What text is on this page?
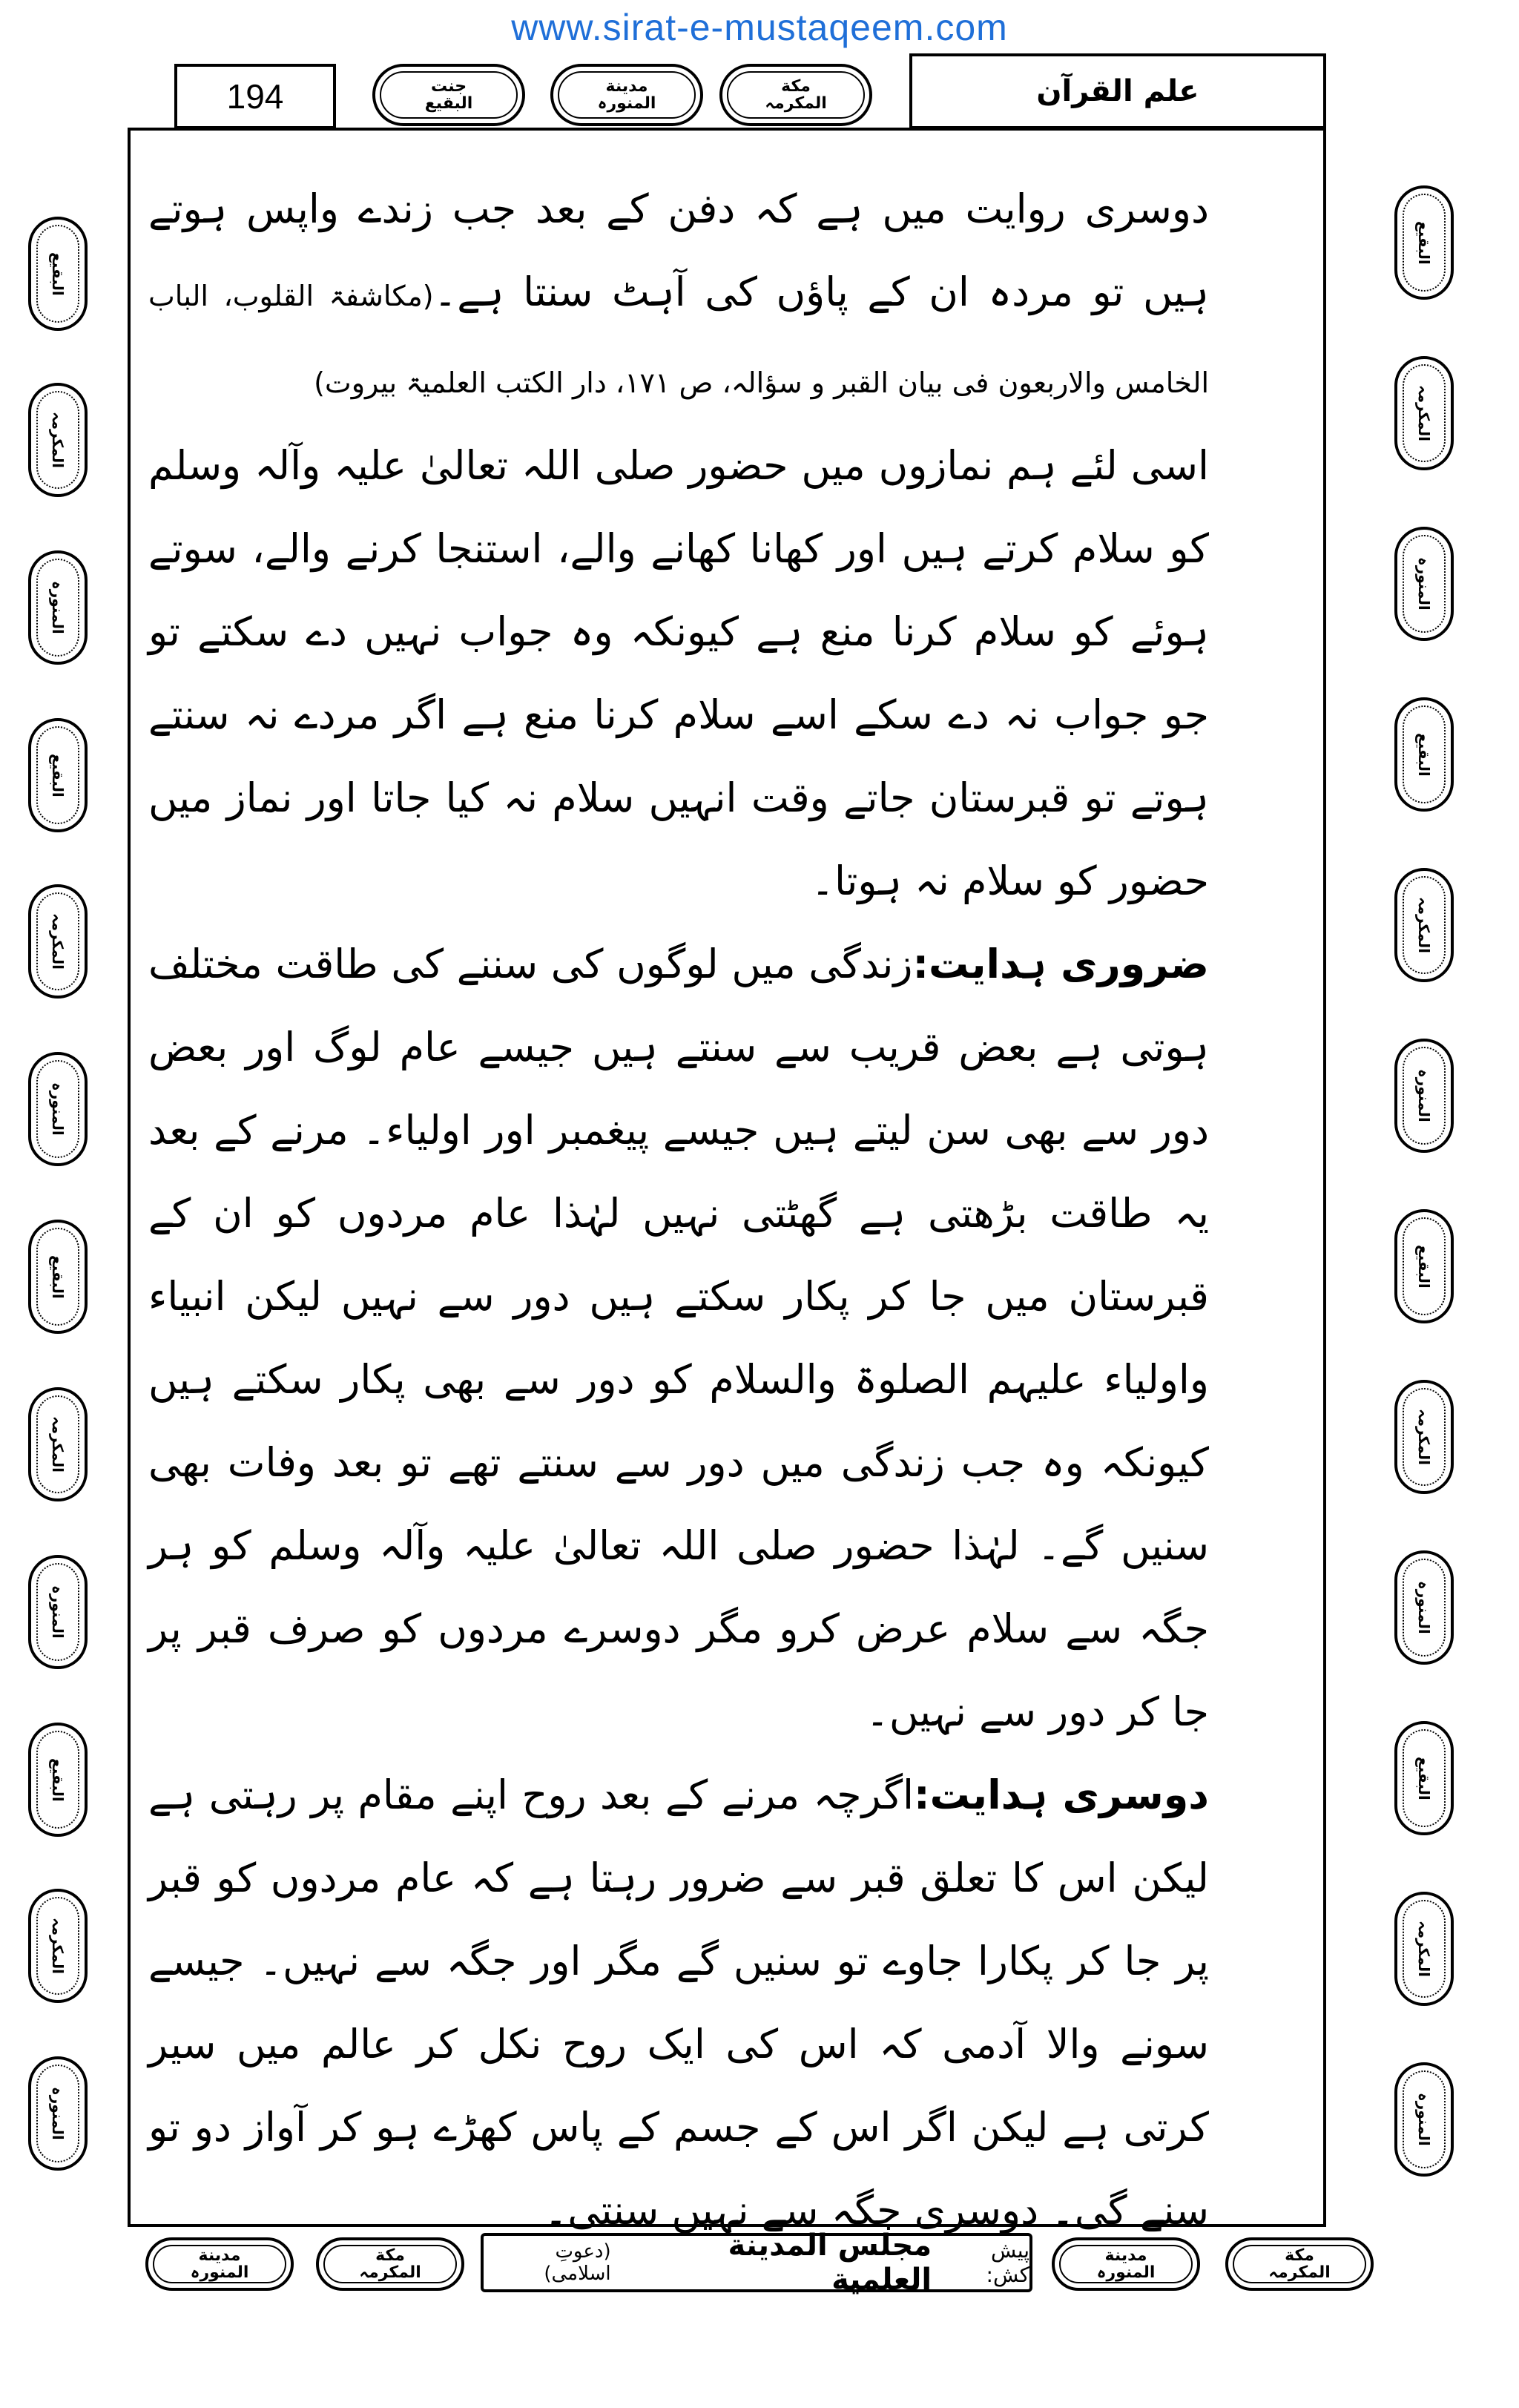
www.sirat-e-mustaqeem.com
194	علم القرآن
جنت
البقیع
مدینة
المنورہ
مکة
المکرمہ
البقیع
المکرمہ
المنورہ
البقیع
المکرمہ
المنورہ
البقیع
المکرمہ
المنورہ
البقیع
المکرمہ
المنورہ
البقیع
المکرمہ
المنورہ
البقیع
المکرمہ
المنورہ
البقیع
المکرمہ
المنورہ
البقیع
المکرمہ
المنورہ

دوسری روایت میں ہے کہ دفن کے بعد جب زندے واپس ہوتے ہیں تو مردہ ان کے پاؤں کی آہٹ سنتا ہے۔(مکاشفۃ القلوب، الباب الخامس والاربعون فی بیان القبر و سؤالہ، ص ۱۷۱، دار الکتب العلمیۃ بیروت)

اسی لئے ہم نمازوں میں حضور صلی اللہ تعالیٰ علیہ وآلہ وسلم کو سلام کرتے ہیں اور کھانا کھانے والے، استنجا کرنے والے، سوتے ہوئے کو سلام کرنا منع ہے کیونکہ وہ جواب نہیں دے سکتے تو جو جواب نہ دے سکے اسے سلام کرنا منع ہے اگر مردے نہ سنتے ہوتے تو قبرستان جاتے وقت انہیں سلام نہ کیا جاتا اور نماز میں حضور کو سلام نہ ہوتا۔

ضروری ہدایت:زندگی میں لوگوں کی سننے کی طاقت مختلف ہوتی ہے بعض قریب سے سنتے ہیں جیسے عام لوگ اور بعض دور سے بھی سن لیتے ہیں جیسے پیغمبر اور اولیاء۔ مرنے کے بعد یہ طاقت بڑھتی ہے گھٹتی نہیں لہٰذا عام مردوں کو ان کے قبرستان میں جا کر پکار سکتے ہیں دور سے نہیں لیکن انبیاء واولیاء علیہم الصلوۃ والسلام کو دور سے بھی پکار سکتے ہیں کیونکہ وہ جب زندگی میں دور سے سنتے تھے تو بعد وفات بھی سنیں گے۔ لہٰذا حضور صلی اللہ تعالیٰ علیہ وآلہ وسلم کو ہر جگہ سے سلام عرض کرو مگر دوسرے مردوں کو صرف قبر پر جا کر دور سے نہیں۔

دوسری ہدایت:اگرچہ مرنے کے بعد روح اپنے مقام پر رہتی ہے لیکن اس کا تعلق قبر سے ضرور رہتا ہے کہ عام مردوں کو قبر پر جا کر پکارا جاوے تو سنیں گے مگر اور جگہ سے نہیں۔ جیسے سونے والا آدمی کہ اس کی ایک روح نکل کر عالم میں سیر کرتی ہے لیکن اگر اس کے جسم کے پاس کھڑے ہو کر آواز دو تو سنے گی۔ دوسری جگہ سے نہیں سنتی۔

مدینة
المنورہ
مکة
المکرمہ
پیش کش:
مجلس المدینة العلمیة
(دعوتِ اسلامی)
مدینة
المنورہ
مکة
المکرمہ
